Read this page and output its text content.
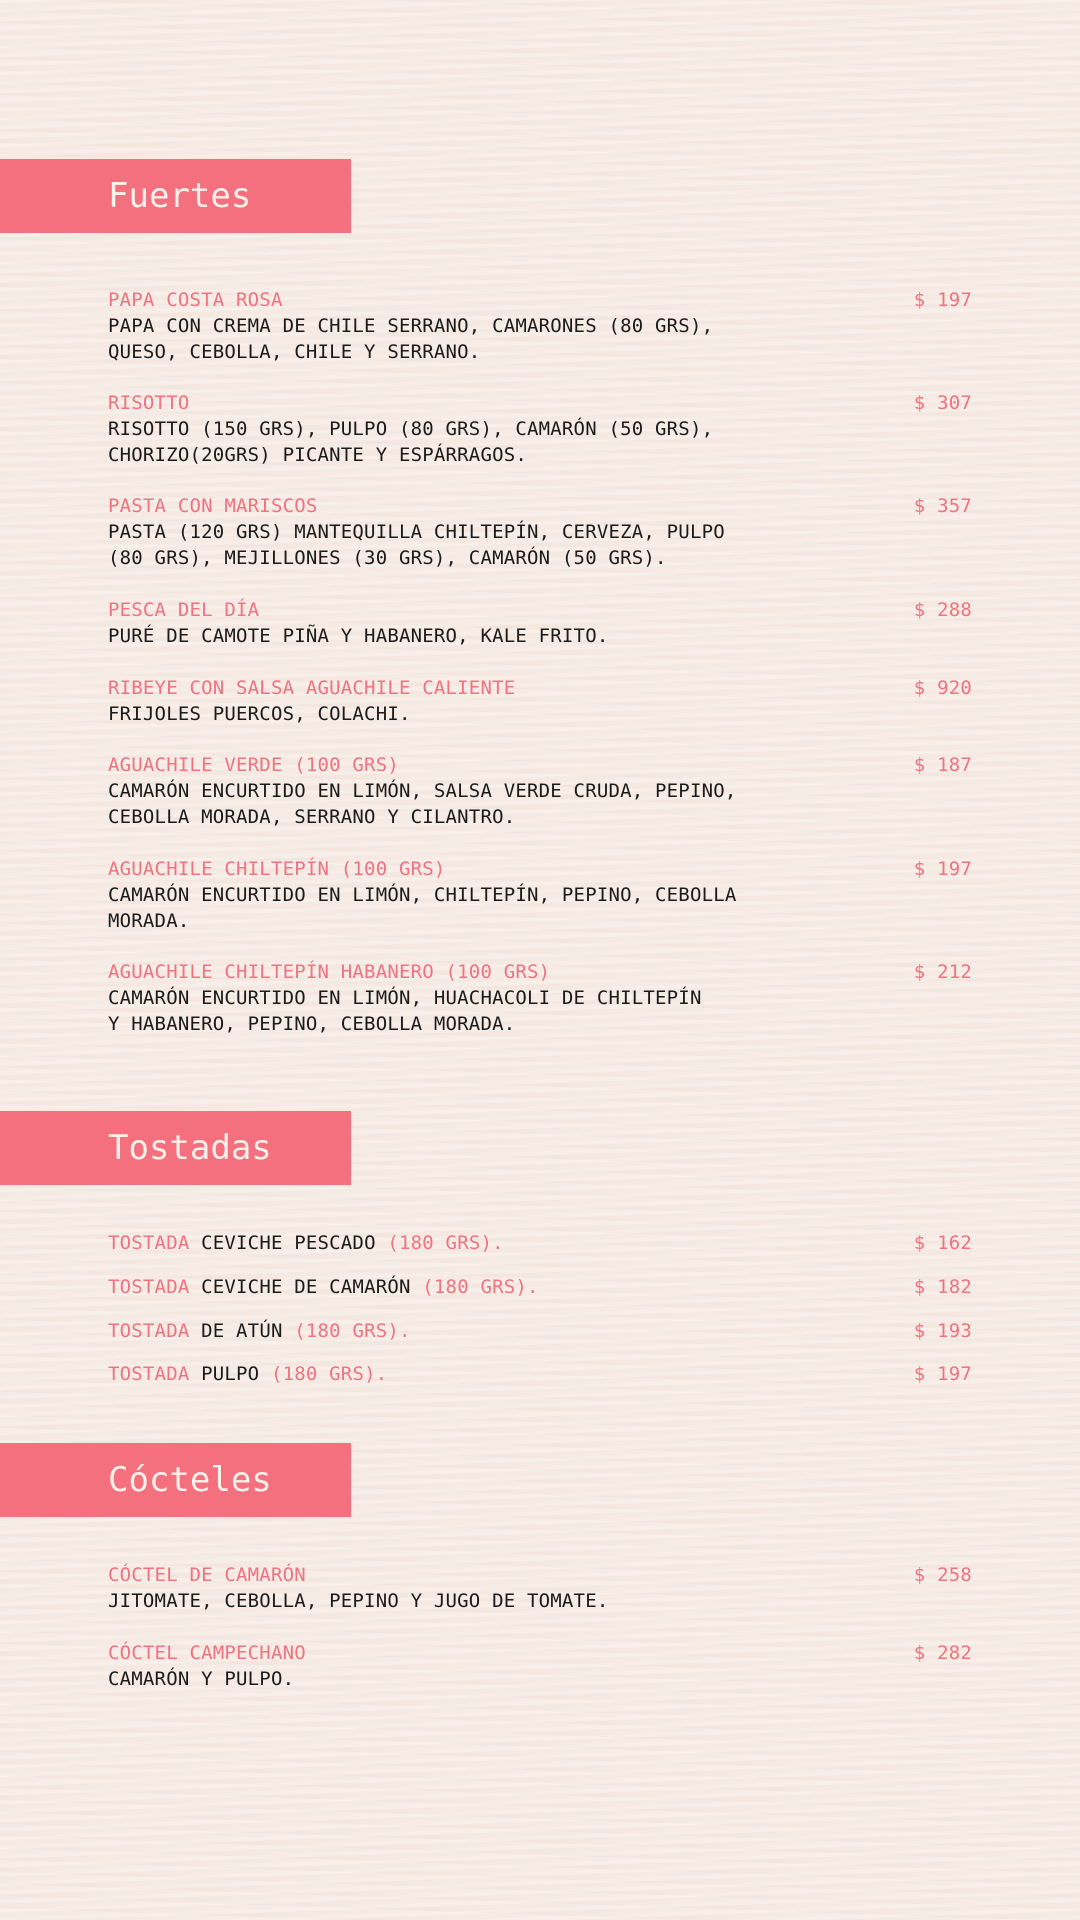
Fuertes
PAPA COSTA ROSA
PAPA CON CREMA DE CHILE SERRANO, CAMARONES (80 GRS),
QUESO, CEBOLLA, CHILE Y SERRANO.
$ 197
RISOTTO
RISOTTO (150 GRS), PULPO (80 GRS), CAMARÓN (50 GRS),
CHORIZO(20GRS) PICANTE Y ESPÁRRAGOS.
$ 307
PASTA CON MARISCOS
PASTA (120 GRS) MANTEQUILLA CHILTEPÍN, CERVEZA, PULPO
(80 GRS), MEJILLONES (30 GRS), CAMARÓN (50 GRS).
$ 357
PESCA DEL DÍA
PURÉ DE CAMOTE PIÑA Y HABANERO, KALE FRITO.
$ 288
RIBEYE CON SALSA AGUACHILE CALIENTE
FRIJOLES PUERCOS, COLACHI.
$ 920
AGUACHILE VERDE (100 GRS)
CAMARÓN ENCURTIDO EN LIMÓN, SALSA VERDE CRUDA, PEPINO,
CEBOLLA MORADA, SERRANO Y CILANTRO.
$ 187
AGUACHILE CHILTEPÍN (100 GRS)
CAMARÓN ENCURTIDO EN LIMÓN, CHILTEPÍN, PEPINO, CEBOLLA
MORADA.
$ 197
AGUACHILE CHILTEPÍN HABANERO (100 GRS)
CAMARÓN ENCURTIDO EN LIMÓN, HUACHACOLI DE CHILTEPÍN
Y HABANERO, PEPINO, CEBOLLA MORADA.
$ 212
Tostadas
TOSTADA CEVICHE PESCADO (180 GRS).	$ 162
TOSTADA CEVICHE DE CAMARÓN (180 GRS).	$ 182
TOSTADA DE ATÚN (180 GRS).	$ 193
TOSTADA PULPO (180 GRS).	$ 197
Cócteles
CÓCTEL DE CAMARÓN
JITOMATE, CEBOLLA, PEPINO Y JUGO DE TOMATE.
$ 258
CÓCTEL CAMPECHANO
CAMARÓN Y PULPO.
$ 282
